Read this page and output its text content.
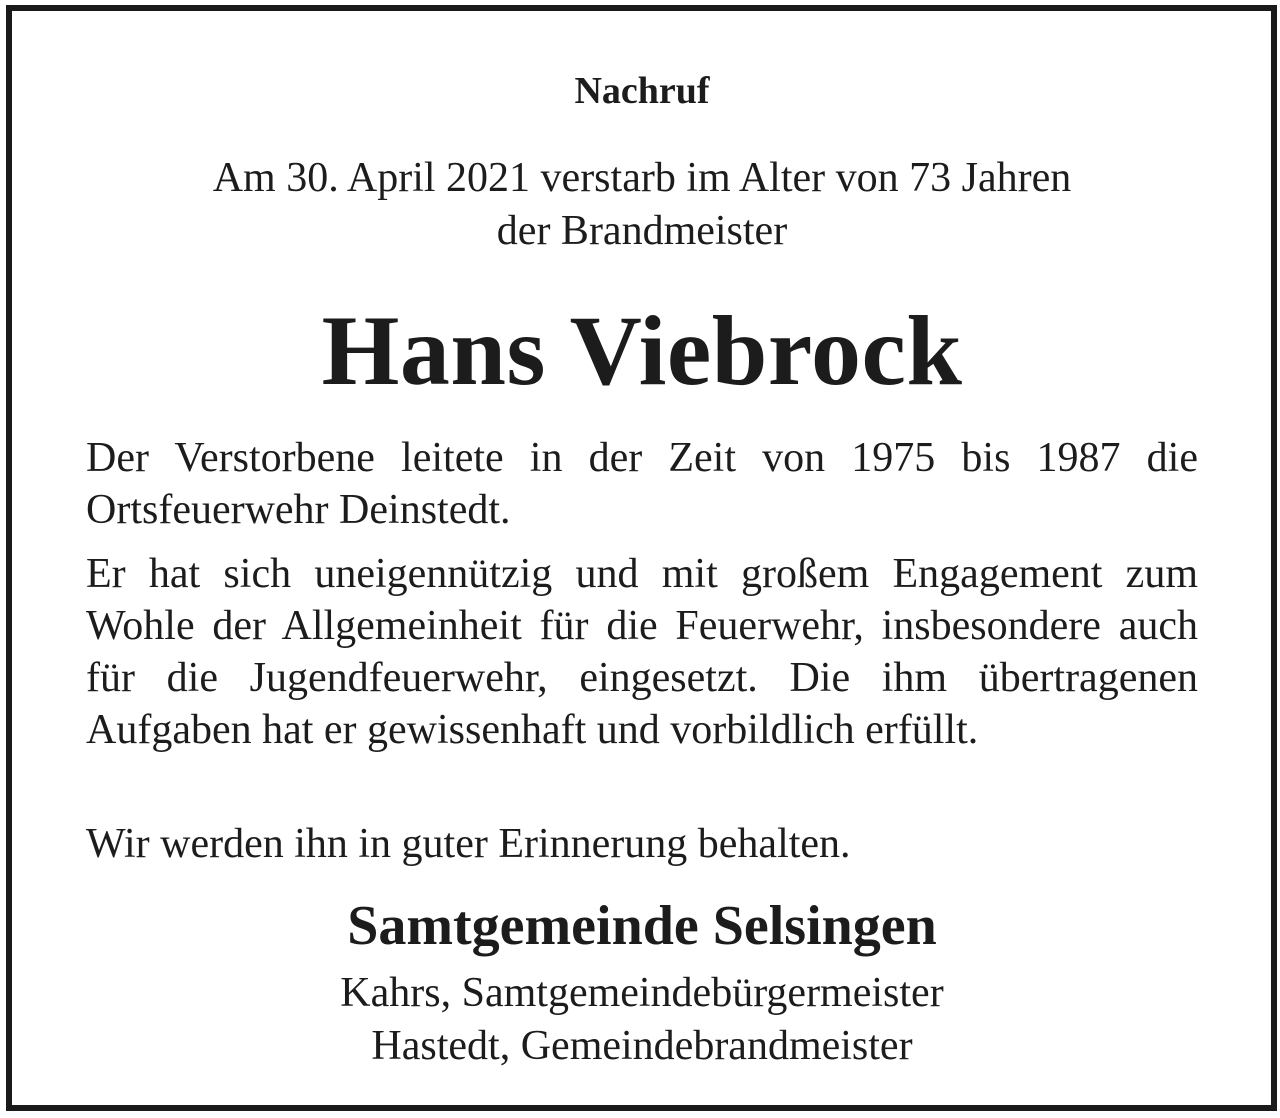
Nachruf
Am 30. April 2021 verstarb im Alter von 73 Jahren
der Brandmeister
Hans Viebrock
Der Verstorbene leitete in der Zeit von 1975 bis 1987 die Ortsfeuerwehr Deinstedt.
Er hat sich uneigennützig und mit großem Engagement zum Wohle der Allgemeinheit für die Feuerwehr, insbesondere auch für die Jugendfeuerwehr, eingesetzt. Die ihm übertragenen Aufgaben hat er gewissenhaft und vorbildlich erfüllt.
Wir werden ihn in guter Erinnerung behalten.
Samtgemeinde Selsingen
Kahrs, Samtgemeindebürgermeister
Hastedt, Gemeindebrandmeister
